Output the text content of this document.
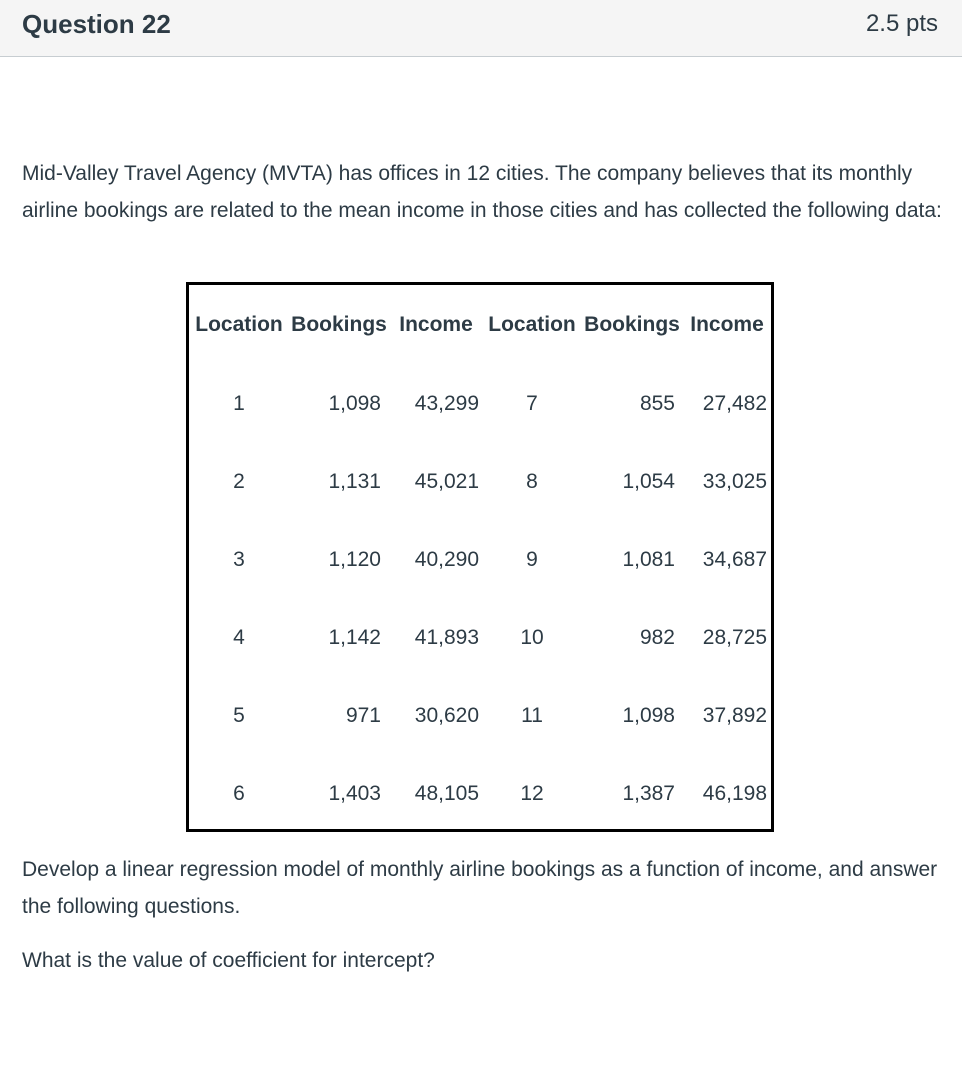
Question 22	2.5 pts
Mid-Valley Travel Agency (MVTA) has offices in 12 cities. The company believes that its monthly airline bookings are related to the mean income in those cities and has collected the following data:
Location	Bookings	Income	Location	Bookings	Income
1	1,098	43,299	7	855	27,482
2	1,131	45,021	8	1,054	33,025
3	1,120	40,290	9	1,081	34,687
4	1,142	41,893	10	982	28,725
5	971	30,620	11	1,098	37,892
6	1,403	48,105	12	1,387	46,198
Develop a linear regression model of monthly airline bookings as a function of income, and answer the following questions.
What is the value of coefficient for intercept?
